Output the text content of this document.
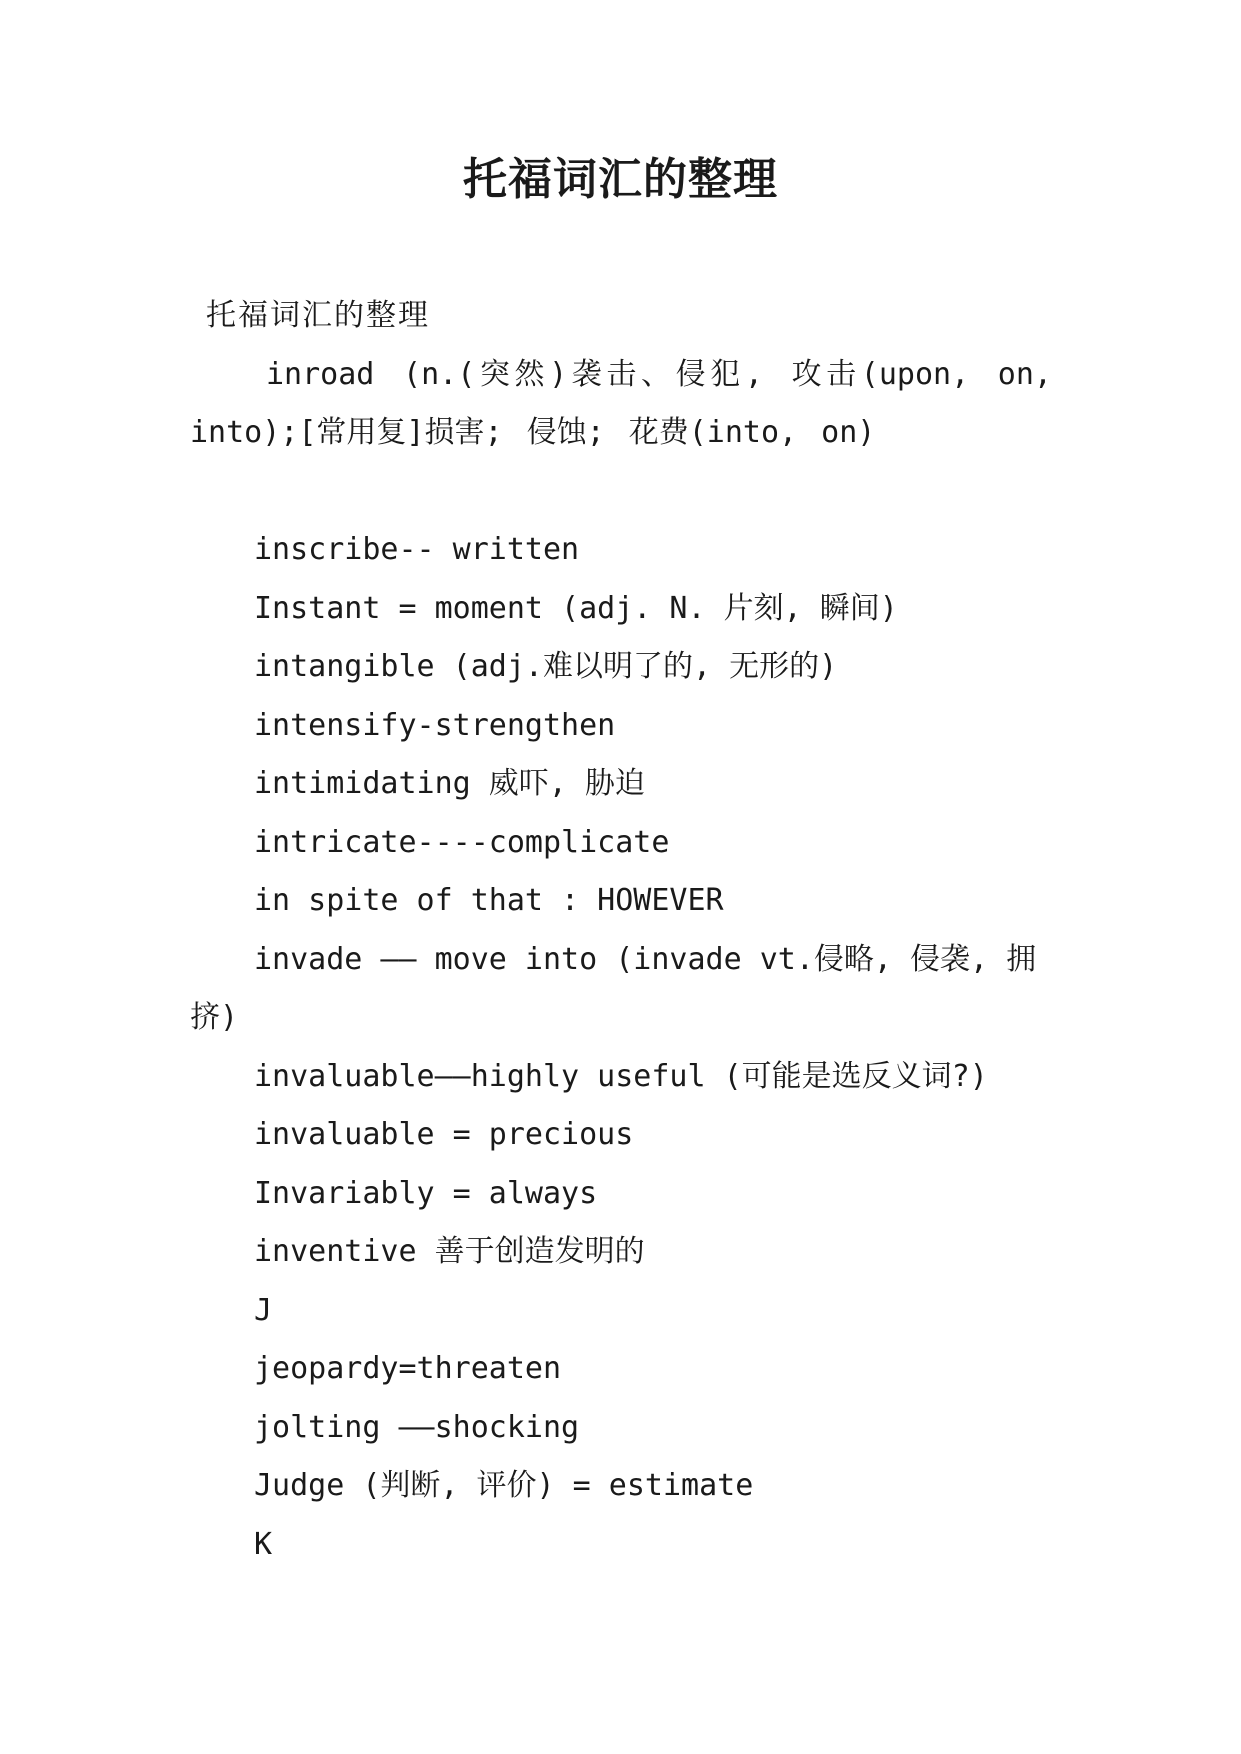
托福词汇的整理
托福词汇的整理
inroad (n.(突然)袭击、侵犯, 攻击(upon, on, into);[常用复]损害; 侵蚀; 花费(into, on)
inscribe-- written
Instant = moment (adj. N. 片刻, 瞬间)
intangible (adj.难以明了的, 无形的)
intensify-strengthen
intimidating 威吓, 胁迫
intricate----complicate
in spite of that : HOWEVER
invade —— move into (invade vt.侵略, 侵袭, 拥挤)
invaluable——highly useful (可能是选反义词?)
invaluable = precious
Invariably = always
inventive 善于创造发明的
J
jeopardy=threaten
jolting ——shocking
Judge (判断, 评价) = estimate
K
